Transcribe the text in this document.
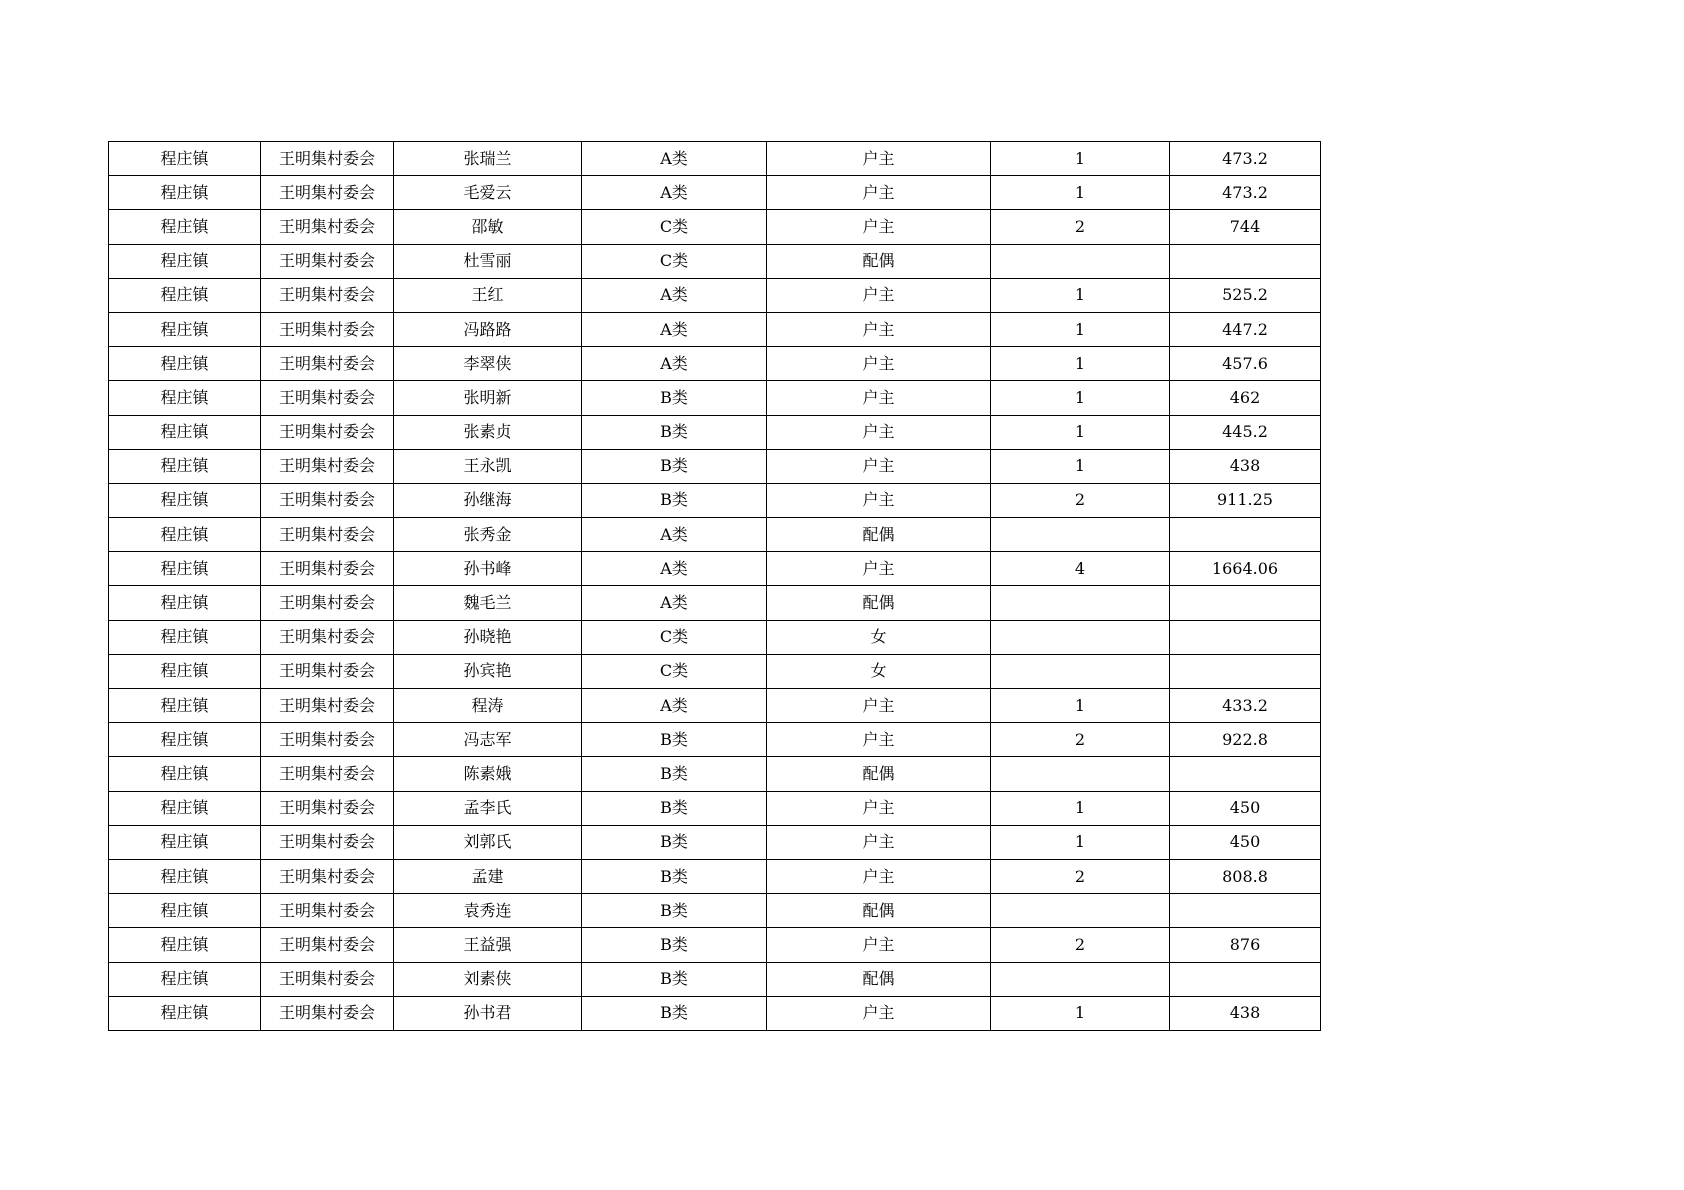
程庄镇	王明集村委会	张瑞兰	A类	户主	1	473.2
程庄镇	王明集村委会	毛爱云	A类	户主	1	473.2
程庄镇	王明集村委会	邵敏	C类	户主	2	744
程庄镇	王明集村委会	杜雪丽	C类	配偶		
程庄镇	王明集村委会	王红	A类	户主	1	525.2
程庄镇	王明集村委会	冯路路	A类	户主	1	447.2
程庄镇	王明集村委会	李翠侠	A类	户主	1	457.6
程庄镇	王明集村委会	张明新	B类	户主	1	462
程庄镇	王明集村委会	张素贞	B类	户主	1	445.2
程庄镇	王明集村委会	王永凯	B类	户主	1	438
程庄镇	王明集村委会	孙继海	B类	户主	2	911.25
程庄镇	王明集村委会	张秀金	A类	配偶		
程庄镇	王明集村委会	孙书峰	A类	户主	4	1664.06
程庄镇	王明集村委会	魏毛兰	A类	配偶		
程庄镇	王明集村委会	孙晓艳	C类	女		
程庄镇	王明集村委会	孙宾艳	C类	女		
程庄镇	王明集村委会	程涛	A类	户主	1	433.2
程庄镇	王明集村委会	冯志军	B类	户主	2	922.8
程庄镇	王明集村委会	陈素娥	B类	配偶		
程庄镇	王明集村委会	孟李氏	B类	户主	1	450
程庄镇	王明集村委会	刘郭氏	B类	户主	1	450
程庄镇	王明集村委会	孟建	B类	户主	2	808.8
程庄镇	王明集村委会	袁秀连	B类	配偶		
程庄镇	王明集村委会	王益强	B类	户主	2	876
程庄镇	王明集村委会	刘素侠	B类	配偶		
程庄镇	王明集村委会	孙书君	B类	户主	1	438
